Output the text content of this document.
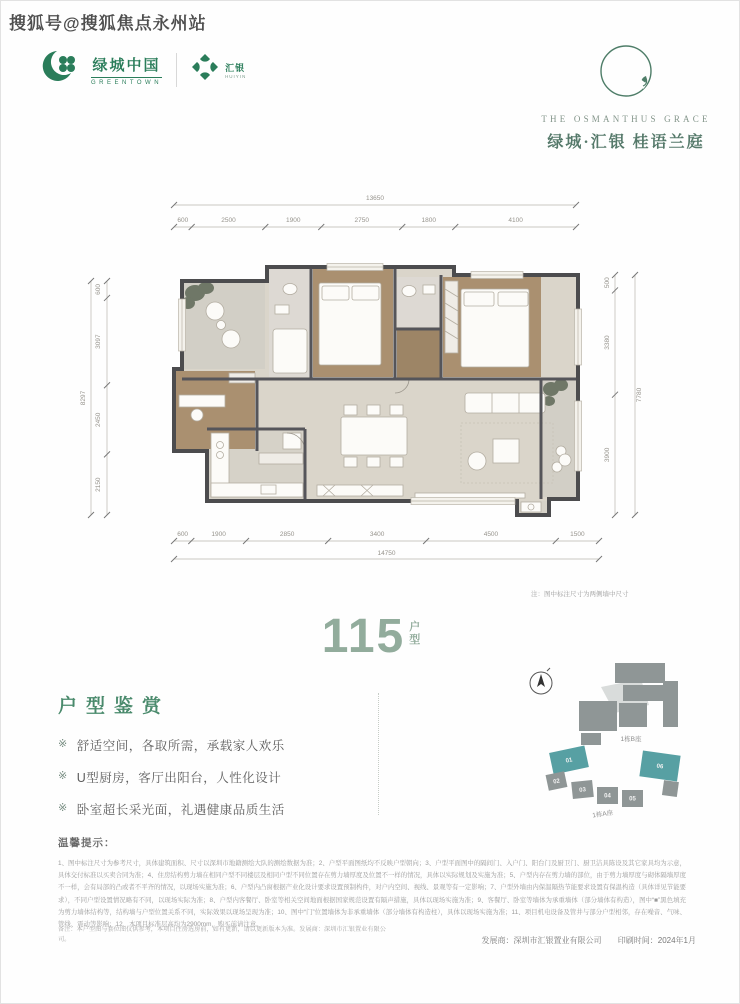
搜狐号@搜狐焦点永州站
绿城中国
GREENTOWN
汇银
HUIYIN
THE OSMANTHUS GRACE
绿城·汇银 桂语兰庭
600	2500	1900	2750	1800	4100
13650
600	1900	2850	3400	4500	1500
14750
600
3097
2450
2150
8297
500
3380
3900
7780
注：图中标注尺寸为两侧墙中尺寸
115 户
型
户型鉴赏
※ 舒适空间，各取所需，承载家人欢乐
※ U型厨房，客厅出阳台，人性化设计
※ 卧室超长采光面，礼遇健康品质生活
01
02
03
04	05
06
1栋B座
1栋A座
温馨提示：

1、图中标注尺寸为参考尺寸，具体建筑面积、尺寸以深圳市地籍测绘大队的测绘数据为准；2、户型平面图纸均不反映户型朝向；3、户型平面图中的隔间门、入户门、阳台门及厨卫门、厨卫洁具陈设及其它家具均为示意，具体交付标准以买卖合同为准；4、住房结构剪力墙在相同户型不同楼层及相同户型不同位置存在剪力墙厚度及位置不一样的情况，具体以实际规划及实施为准；5、户型内存在剪力墙的部位，由于剪力墙厚度与砌体隔墙厚度不一样，会有局部的凸或者不平齐的情况，以现场实施为准；6、户型内凸窗根据产业化设计要求设置预制构件，对户内空间、视线、景观等有一定影响；7、户型外墙由内保温隔热节能要求设置有保温构造（具体详见节能要求），不同户型设置情况略有不同，以现场实际为准；8、户型内客餐厅、卧室等相关空间地面根据国家规范设置有隔声措施，具体以现场实施为准；9、客餐厅、卧室等墙体为承重墙体（部分墙体有构造），图中“■”黑色填充为剪力墙体结构等，结构墙与户型位置关系不同，实际效果以现场呈现为准；10、图中“门”位置墙体为非承重墙体（部分墙体有构造柱），具体以现场实施为准；11、项目机电设备及管井与部分户型相邻，存在噪音、气味、管线、震动等影响；12、本项目标准层高均为2900mm，购买前请注意。

备注：本户型图与套位图仅供参考，本项目住房选房前，如有更新，请以更新版本为准。发展商：深圳市汇银置业有限公司。	发展商：深圳市汇银置业有限公司 印刷时间：2024年1月
